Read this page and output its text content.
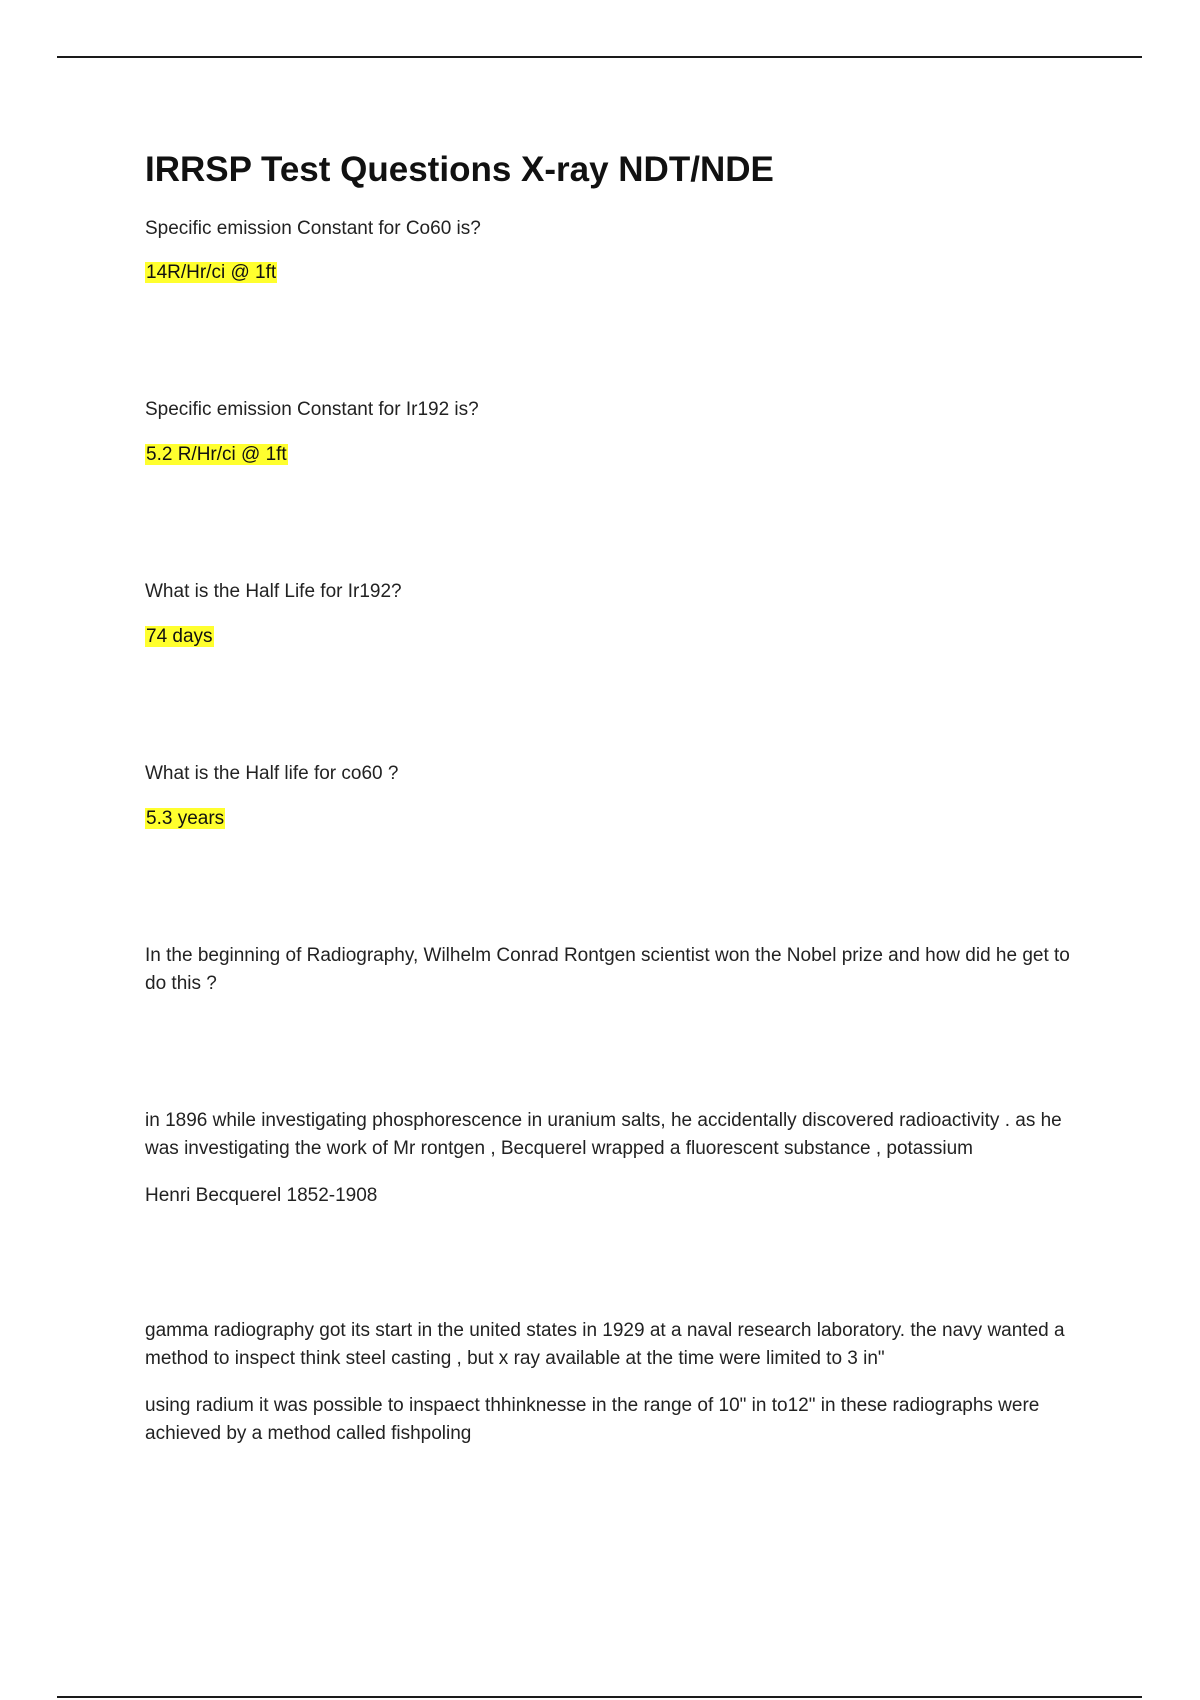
IRRSP Test Questions X-ray NDT/NDE

Specific emission Constant for Co60 is?

14R/Hr/ci @ 1ft

Specific emission Constant for Ir192 is?

5.2 R/Hr/ci @ 1ft

What is the Half Life for Ir192?

74 days

What is the Half life for co60 ?

5.3 years

In the beginning of Radiography, Wilhelm Conrad Rontgen scientist won the Nobel prize and how did he get to do this ?

in 1896 while investigating phosphorescence in uranium salts, he accidentally discovered radioactivity . as he was investigating the work of Mr rontgen , Becquerel wrapped a fluorescent substance , potassium

Henri Becquerel 1852-1908

gamma radiography got its start in the united states in 1929 at a naval research laboratory. the navy wanted a method to inspect think steel casting , but x ray available at the time were limited to 3 in"

using radium it was possible to inspaect thhinknesse in the range of 10" in to12" in these radiographs were achieved by a method called fishpoling
